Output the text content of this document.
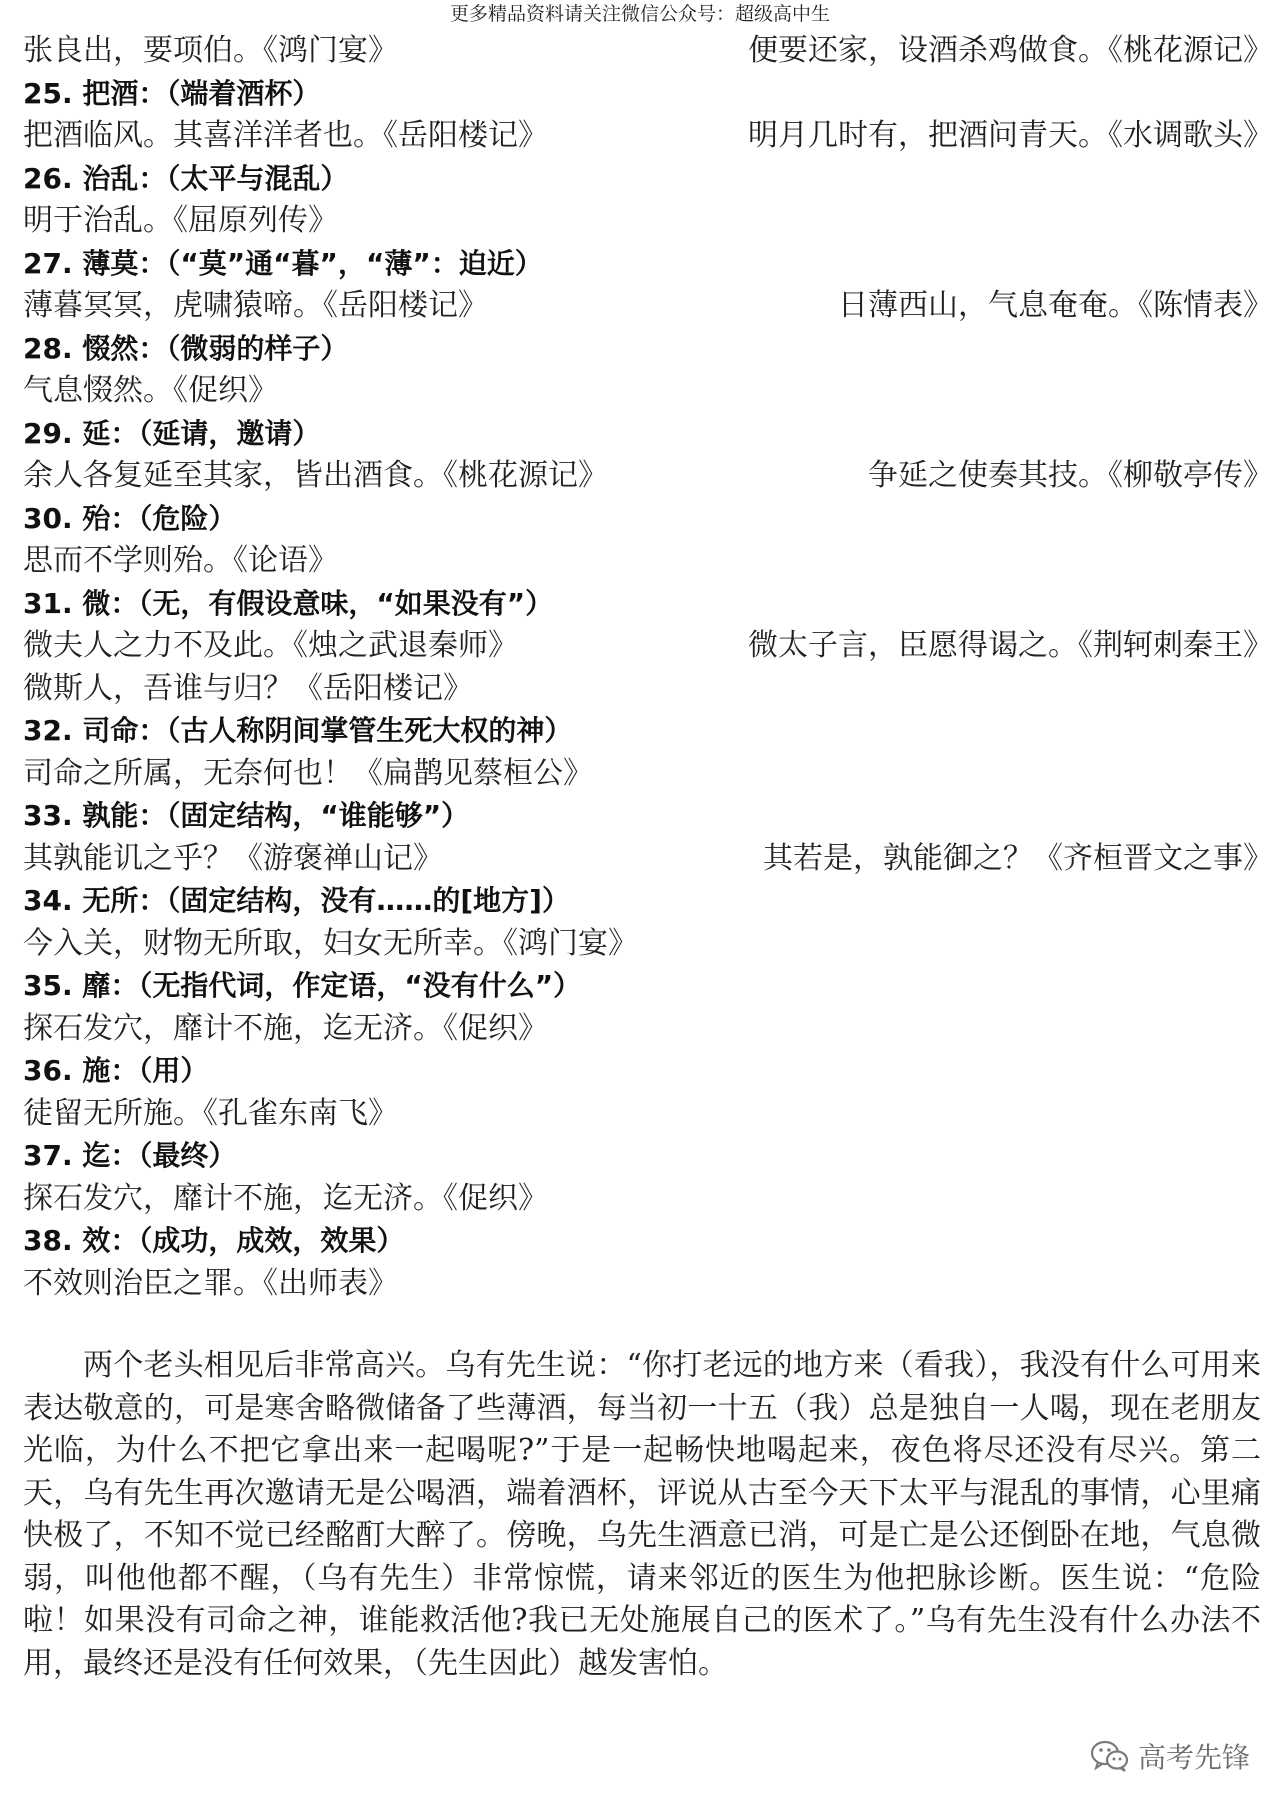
更多精品资料请关注微信公众号：超级高中生
张良出，要项伯。《鸿门宴》	便要还家，设酒杀鸡做食。《桃花源记》
25. 把酒：（端着酒杯）
把酒临风。其喜洋洋者也。《岳阳楼记》	明月几时有，把酒问青天。《水调歌头》
26. 治乱：（太平与混乱）
明于治乱。《屈原列传》
27. 薄莫：（“莫”通“暮”，“薄”：迫近）
薄暮冥冥，虎啸猿啼。《岳阳楼记》	日薄西山，气息奄奄。《陈情表》
28. 惙然：（微弱的样子）
气息惙然。《促织》
29. 延：（延请，邀请）
余人各复延至其家，皆出酒食。《桃花源记》	争延之使奏其技。《柳敬亭传》
30. 殆：（危险）
思而不学则殆。《论语》
31. 微：（无，有假设意味，“如果没有”）
微夫人之力不及此。《烛之武退秦师》	微太子言，臣愿得谒之。《荆轲刺秦王》
微斯人，吾谁与归？《岳阳楼记》
32. 司命：（古人称阴间掌管生死大权的神）
司命之所属，无奈何也！《扁鹊见蔡桓公》
33. 孰能：（固定结构，“谁能够”）
其孰能讥之乎？《游褒禅山记》	其若是，孰能御之？《齐桓晋文之事》
34. 无所：（固定结构，没有……的[地方]）
今入关，财物无所取，妇女无所幸。《鸿门宴》
35. 靡：（无指代词，作定语，“没有什么”）
探石发穴，靡计不施，迄无济。《促织》
36. 施：（用）
徒留无所施。《孔雀东南飞》
37. 迄：（最终）
探石发穴，靡计不施，迄无济。《促织》
38. 效：（成功，成效，效果）
不效则治臣之罪。《出师表》
两个老头相见后非常高兴。乌有先生说：“你打老远的地方来（看我），我没有什么可用来表达敬意的，可是寒舍略微储备了些薄酒，每当初一十五（我）总是独自一人喝，现在老朋友光临，为什么不把它拿出来一起喝呢?”于是一起畅快地喝起来，夜色将尽还没有尽兴。第二天，乌有先生再次邀请无是公喝酒，端着酒杯，评说从古至今天下太平与混乱的事情，心里痛快极了，不知不觉已经酩酊大醉了。傍晚，乌先生酒意已消，可是亡是公还倒卧在地，气息微弱，叫他他都不醒，（乌有先生）非常惊慌，请来邻近的医生为他把脉诊断。医生说：“危险啦！如果没有司命之神，谁能救活他?我已无处施展自己的医术了。”乌有先生没有什么办法不用，最终还是没有任何效果，（先生因此）越发害怕。
高考先锋
